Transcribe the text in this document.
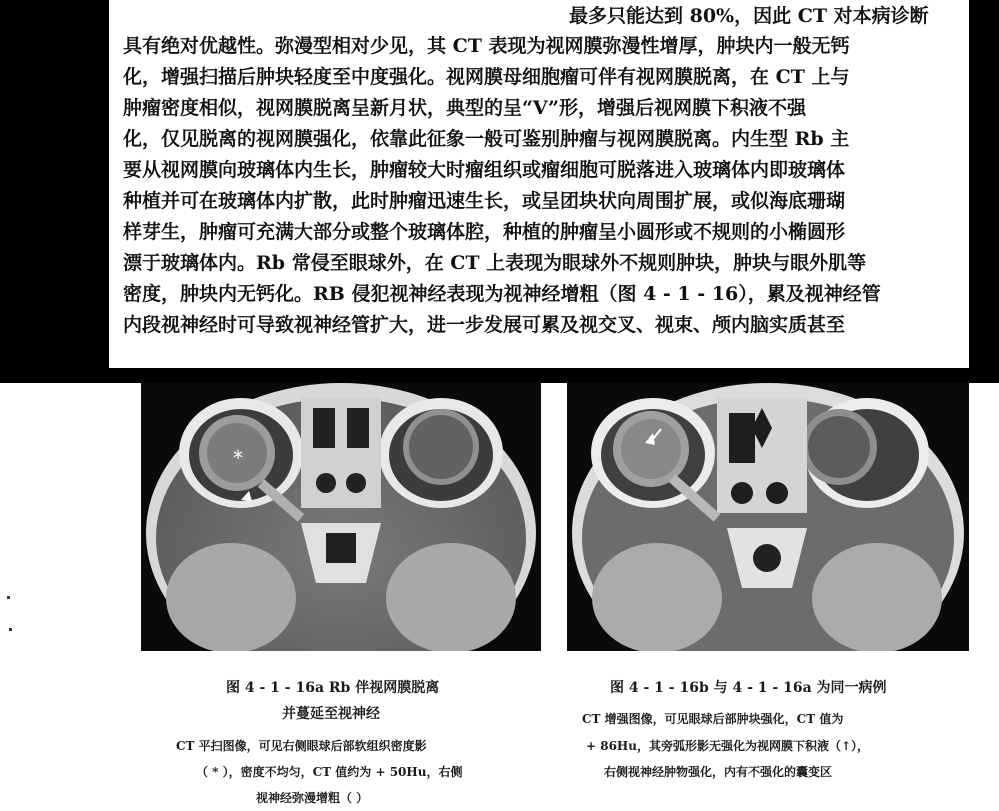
最多只能达到 80%，因此 CT 对本病诊断
具有绝对优越性。弥漫型相对少见，其 CT 表现为视网膜弥漫性增厚，肿块内一般无钙
化，增强扫描后肿块轻度至中度强化。视网膜母细胞瘤可伴有视网膜脱离，在 CT 上与
肿瘤密度相似，视网膜脱离呈新月状，典型的呈“V”形，增强后视网膜下积液不强
化，仅见脱离的视网膜强化，依靠此征象一般可鉴别肿瘤与视网膜脱离。内生型 Rb 主
要从视网膜向玻璃体内生长，肿瘤较大时瘤组织或瘤细胞可脱落进入玻璃体内即玻璃体
种植并可在玻璃体内扩散，此时肿瘤迅速生长，或呈团块状向周围扩展，或似海底珊瑚
样芽生，肿瘤可充满大部分或整个玻璃体腔，种植的肿瘤呈小圆形或不规则的小椭圆形
漂于玻璃体内。Rb 常侵至眼球外，在 CT 上表现为眼球外不规则肿块，肿块与眼外肌等
密度，肿块内无钙化。RB 侵犯视神经表现为视神经增粗（图 4 - 1 - 16），累及视神经管
内段视神经时可导致视神经管扩大，进一步发展可累及视交叉、视束、颅内脑实质甚至
*
图 4 - 1 - 16a Rb 伴视网膜脱离
并蔓延至视神经
CT 平扫图像，可见右侧眼球后部软组织密度影
（ * ），密度不均匀，CT 值约为 + 50Hu，右侧
视神经弥漫增粗（ ）
图 4 - 1 - 16b 与 4 - 1 - 16a 为同一病例
CT 增强图像，可见眼球后部肿块强化，CT 值为
+ 86Hu，其旁弧形影无强化为视网膜下积液（↑），
右侧视神经肿物强化，内有不强化的囊变区
